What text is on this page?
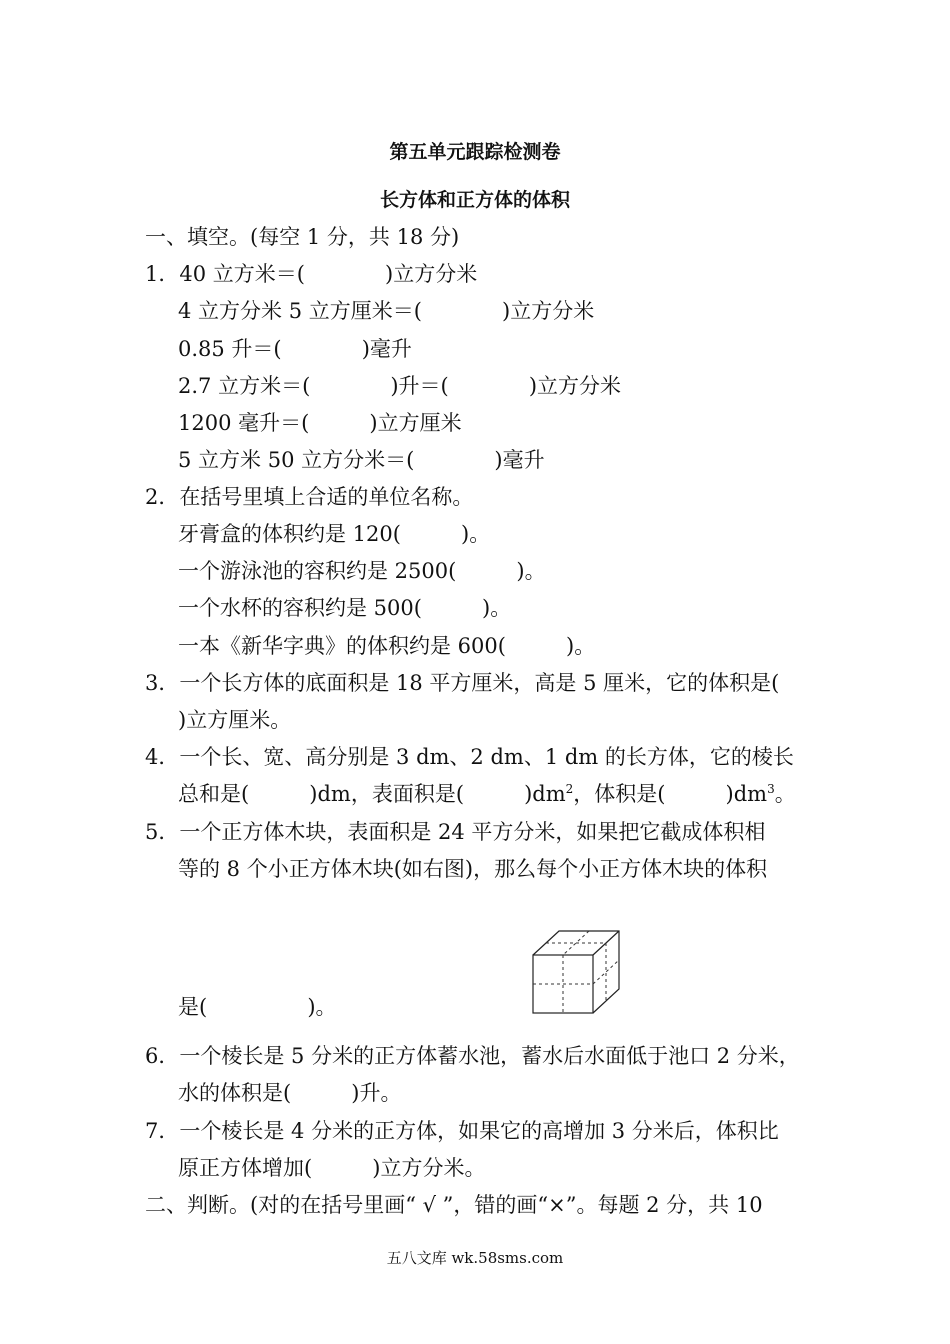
第五单元跟踪检测卷
长方体和正方体的体积
一、填空。(每空 1 分，共 18 分)
1．40 立方米＝(            )立方分米
4 立方分米 5 立方厘米＝(            )立方分米
0.85 升＝(            )毫升
2.7 立方米＝(            )升＝(            )立方分米
1200 毫升＝(         )立方厘米
5 立方米 50 立方分米＝(            )毫升
2．在括号里填上合适的单位名称。
牙膏盒的体积约是 120(         )。
一个游泳池的容积约是 2500(         )。
一个水杯的容积约是 500(         )。
一本《新华字典》的体积约是 600(         )。
3．一个长方体的底面积是 18 平方厘米，高是 5 厘米，它的体积是(
)立方厘米。
4．一个长、宽、高分别是 3 dm、2 dm、1 dm 的长方体，它的棱长
总和是(         )dm，表面积是(         )$dm^2$，体积是(         )$dm^3$。
5．一个正方体木块，表面积是 24 平方分米，如果把它截成体积相
等的 8 个小正方体木块(如右图)，那么每个小正方体木块的体积
是(               )。
6．一个棱长是 5 分米的正方体蓄水池，蓄水后水面低于池口 2 分米，
水的体积是(         )升。
7．一个棱长是 4 分米的正方体，如果它的高增加 3 分米后，体积比
原正方体增加(         )立方分米。
二、判断。(对的在括号里画“ √ ”，错的画“×”。每题 2 分，共 10
五八文库 wk.58sms.com
